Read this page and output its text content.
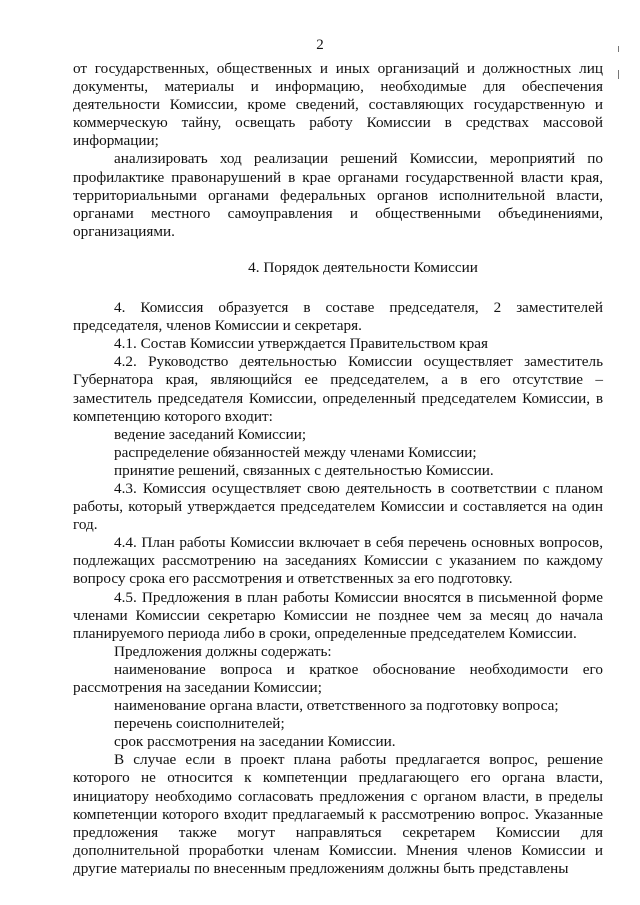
2

от государственных, общественных и иных организаций и должностных лиц документы, материалы и информацию, необходимые для обеспечения деятельности Комиссии, кроме сведений, составляющих государственную и коммерческую тайну, освещать работу Комиссии в средствах массовой информации;

анализировать ход реализации решений Комиссии, мероприятий по профилактике правонарушений в крае органами государственной власти края, территориальными органами федеральных органов исполнительной власти, органами местного самоуправления и общественными объединениями, организациями.

4. Порядок деятельности Комиссии

4. Комиссия образуется в составе председателя, 2 заместителей председателя, членов Комиссии и секретаря.

4.1. Состав Комиссии утверждается Правительством края

4.2. Руководство деятельностью Комиссии осуществляет заместитель Губернатора края, являющийся ее председателем, а в его отсутствие – заместитель председателя Комиссии, определенный председателем Комиссии, в компетенцию которого входит:

ведение заседаний Комиссии;

распределение обязанностей между членами Комиссии;

принятие решений, связанных с деятельностью Комиссии.

4.3. Комиссия осуществляет свою деятельность в соответствии с планом работы, который утверждается председателем Комиссии и составляется на один год.

4.4. План работы Комиссии включает в себя перечень основных вопросов, подлежащих рассмотрению на заседаниях Комиссии с указанием по каждому вопросу срока его рассмотрения и ответственных за его подготовку.

4.5. Предложения в план работы Комиссии вносятся в письменной форме членами Комиссии секретарю Комиссии не позднее чем за месяц до начала планируемого периода либо в сроки, определенные председателем Комиссии.

Предложения должны содержать:

наименование вопроса и краткое обоснование необходимости его рассмотрения на заседании Комиссии;

наименование органа власти, ответственного за подготовку вопроса;

перечень соисполнителей;

срок рассмотрения на заседании Комиссии.

В случае если в проект плана работы предлагается вопрос, решение которого не относится к компетенции предлагающего его органа власти, инициатору необходимо согласовать предложения с органом власти, в пределы компетенции которого входит предлагаемый к рассмотрению вопрос. Указанные предложения также могут направляться секретарем Комиссии для дополнительной проработки членам Комиссии. Мнения членов Комиссии и другие материалы по внесенным предложениям должны быть представлены
